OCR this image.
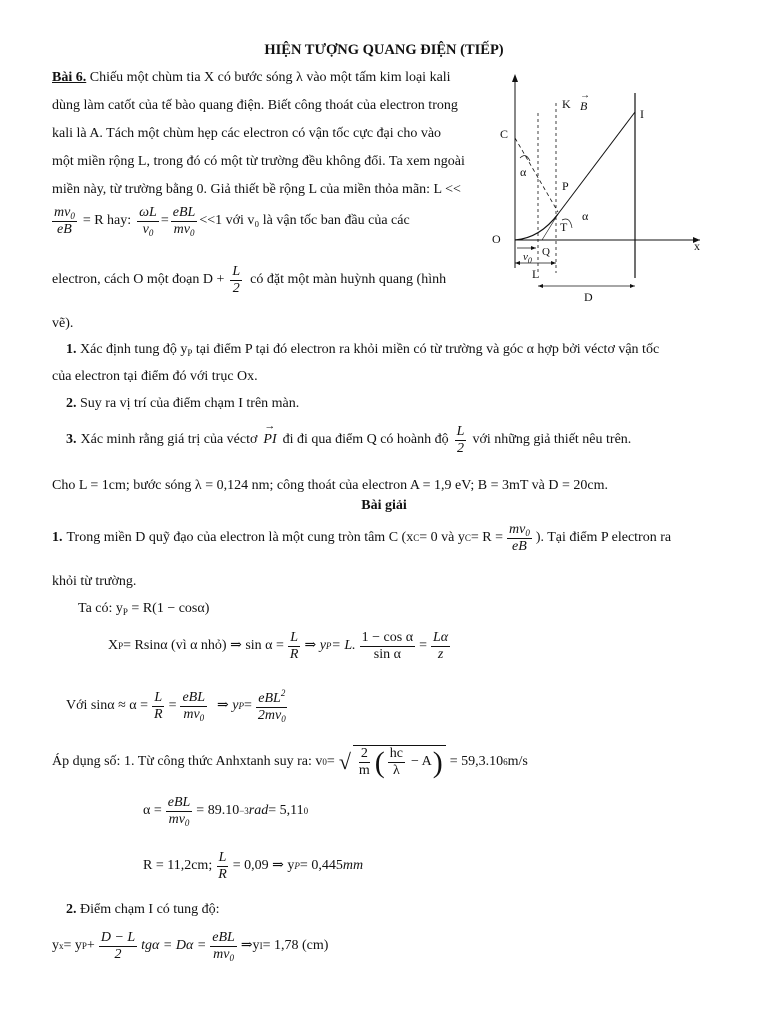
HIỆN TƯỢNG QUANG ĐIỆN (TIẾP)
Bài 6. Chiếu một chùm tia X có bước sóng λ vào một tấm kim loại kali
dùng làm catốt của tế bào quang điện. Biết công thoát của electron trong
kali là A. Tách một chùm hẹp các electron có vận tốc cực đại cho vào
một miền rộng L, trong đó có một từ trường đều không đổi. Ta xem ngoài
miền này, từ trường bằng 0. Giả thiết bề rộng L của miền thỏa mãn: L <<
$\frac{mv_0}{eB} = R$ hay: $\frac{\omega L}{v_0} = \frac{\text{eBL}}{mv_0} <<1$ với v₀ là vận tốc ban đầu của các
electron, cách O một đoạn $D + \frac{L}{2}$ có đặt một màn huỳnh quang (hình
vẽ).
C
K B
→
I
P
α
α
T
O	x
$v_0$
Q
L
D
1. Xác định tung độ $y_P$ tại điểm P tại đó electron ra khỏi miền có từ trường và góc α hợp bởi véctơ vận tốc
của electron tại điểm đó với trục Ox.
2. Suy ra vị trí của điểm chạm I trên màn.
3. Xác minh rằng giá trị của véctơ
→ PI đi đi qua điểm Q có hoành độ $\frac{L}{2}$ với những giả thiết nêu trên.
Cho L = 1cm; bước sóng λ = 0,124 nm; công thoát của electron A = 1,9 eV; B = 3mT và D = 20cm.
Bài giải
1. Trong miền D quỹ đạo của electron là một cung tròn tâm C (x C = 0 và y $C = R = \frac{mv_0}{eB}$ ). Tại điểm P electron ra
khỏi từ trường.
Ta có: $y_P = R(1 - \cos\alpha)$
X P = Rsinα (vì α nhỏ) ⇒ $\sin \alpha = \frac{L}{R}$ ⇒ y P = L. $\frac{\text{1 − cos α}}{\text{sin α}} = \frac{L\alpha}{z}$
Với $\sin\alpha \approx \alpha = \frac{L}{R} = \frac{\text{eBL}}{mv_0}$ ⇒ y $P = \frac{eBL^2}{2mv_0}$
Áp dụng số: 1. Từ công thức Anhxtanh suy ra: v 0 = √ $\frac{2}{m}$ ( $\frac{hc}{\lambda} - A$ ) = 59,3.10 6 m/s
$\alpha = \frac{\text{eBL}}{mv_0} = 89.10 -3$ rad = 5,11 0
R = 11,2cm; $\frac{L}{R} = 0,09$ ⇒ y P = 0,445 mm
2. Điểm chạm I có tung độ:
y x = y $P + \frac{D - L}{2}$ $tg\alpha = D\alpha = \frac{\text{eBL}}{mv_0}$ ⇒y I = 1,78 (cm)
